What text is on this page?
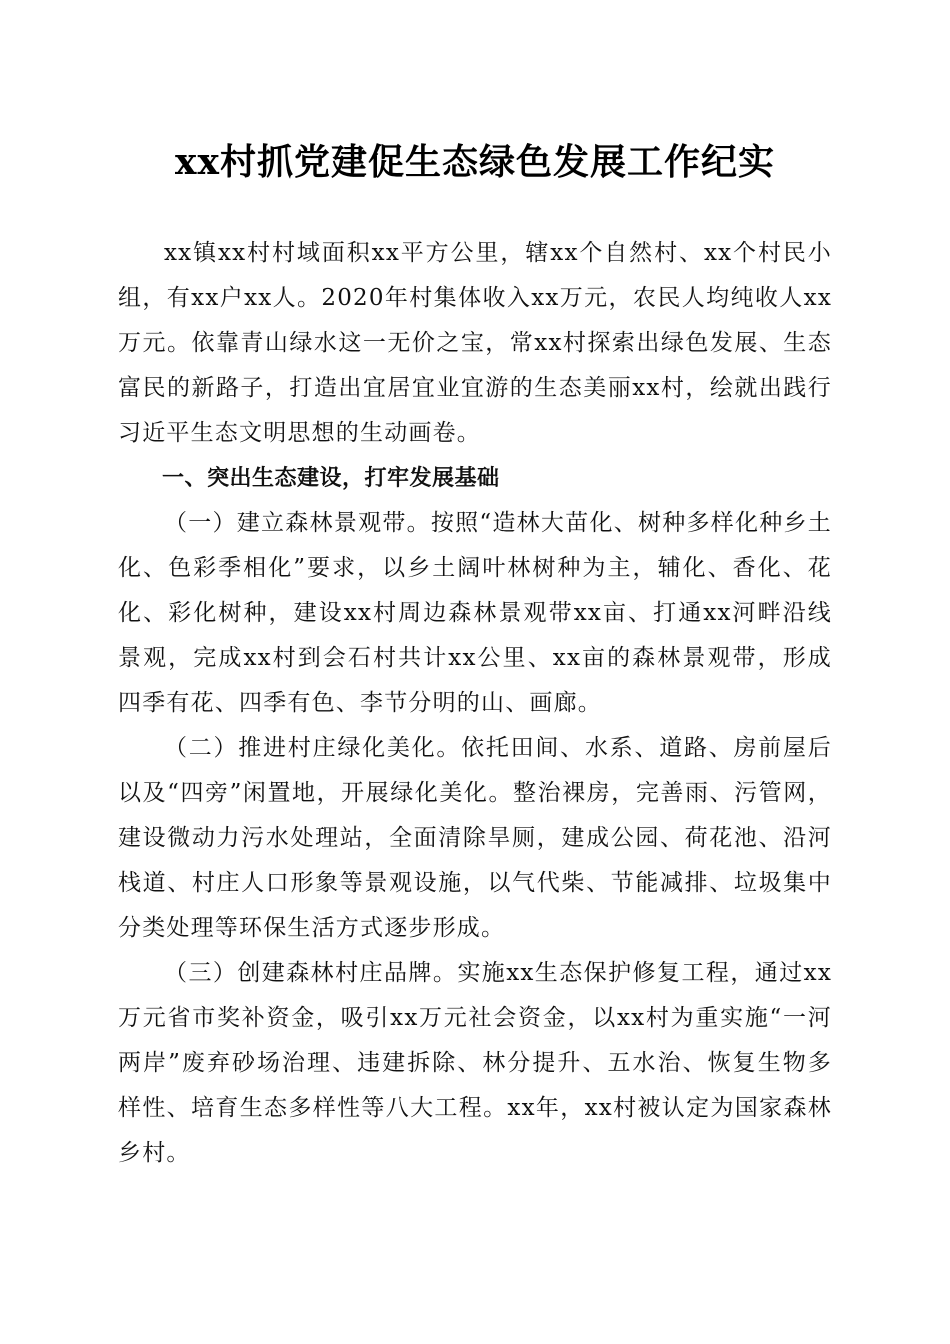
xx村抓党建促生态绿色发展工作纪实

xx镇xx村村域面积xx平方公里，辖xx个自然村、xx个村民小组，有xx户xx人。2020年村集体收入xx万元，农民人均纯收人xx万元。依靠青山绿水这一无价之宝，常xx村探索出绿色发展、生态富民的新路子，打造出宜居宜业宜游的生态美丽xx村，绘就出践行习近平生态文明思想的生动画卷。

一、突出生态建设，打牢发展基础

（一）建立森林景观带。按照“造林大苗化、树种多样化种乡土化、色彩季相化”要求，以乡土阔叶林树种为主，辅化、香化、花化、彩化树种，建设xx村周边森林景观带xx亩、打通xx河畔沿线景观，完成xx村到会石村共计xx公里、xx亩的森林景观带，形成四季有花、四季有色、李节分明的山、画廊。

（二）推进村庄绿化美化。依托田间、水系、道路、房前屋后以及“四旁”闲置地，开展绿化美化。整治裸房，完善雨、污管网，建设微动力污水处理站，全面清除旱厕，建成公园、荷花池、沿河栈道、村庄人口形象等景观设施，以气代柴、节能减排、垃圾集中分类处理等环保生活方式逐步形成。

（三）创建森林村庄品牌。实施xx生态保护修复工程，通过xx万元省市奖补资金，吸引xx万元社会资金，以xx村为重实施“一河两岸”废弃砂场治理、违建拆除、林分提升、五水治、恢复生物多样性、培育生态多样性等八大工程。xx年，xx村被认定为国家森林乡村。
